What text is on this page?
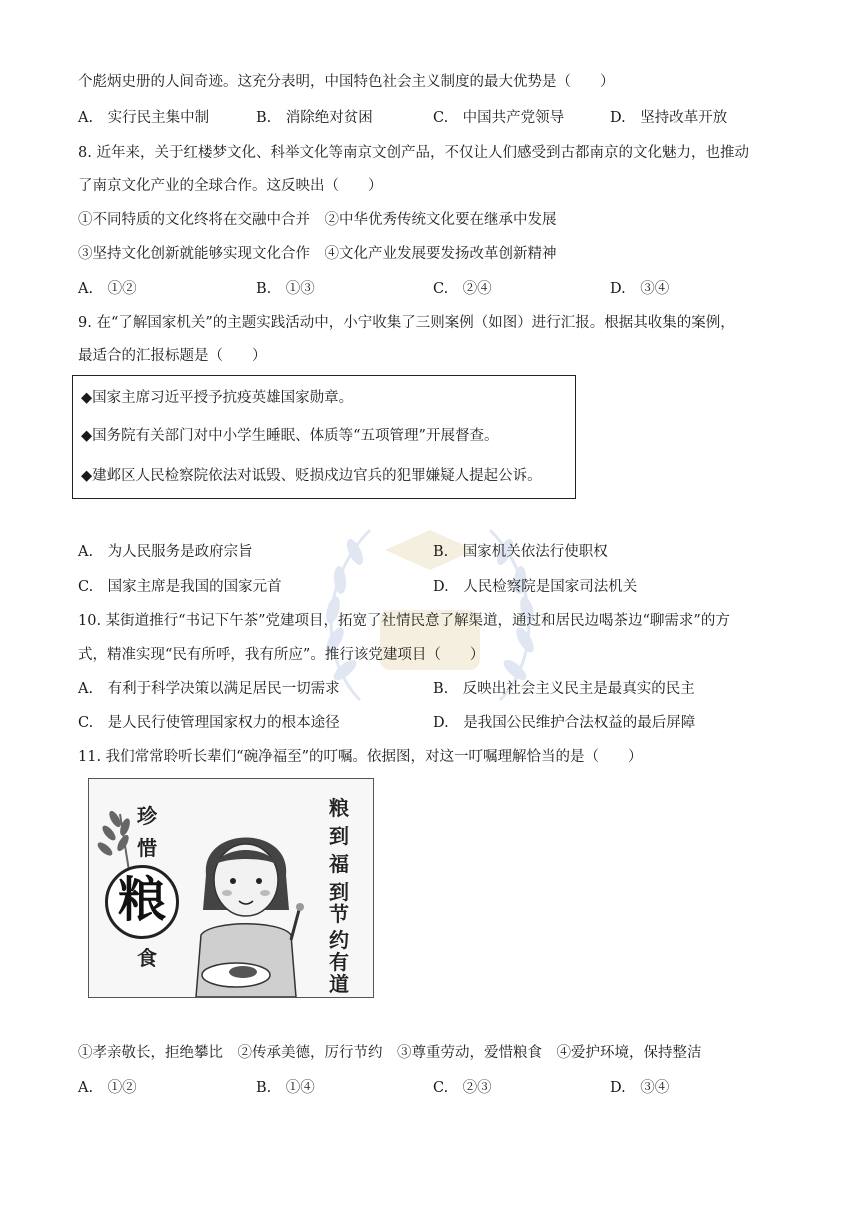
个彪炳史册的人间奇迹。这充分表明，中国特色社会主义制度的最大优势是（　　）
A.　实行民主集中制	B.　消除绝对贫困	C.　中国共产党领导	D.　坚持改革开放
8. 近年来，关于红楼梦文化、科举文化等南京文创产品，不仅让人们感受到古都南京的文化魅力，也推动
了南京文化产业的全球合作。这反映出（　　）
①不同特质的文化终将在交融中合并　②中华优秀传统文化要在继承中发展
③坚持文化创新就能够实现文化合作　④文化产业发展要发扬改革创新精神
A.　①②	B.　①③	C.　②④	D.　③④
9. 在“了解国家机关”的主题实践活动中，小宁收集了三则案例（如图）进行汇报。根据其收集的案例，
最适合的汇报标题是（　　）
◆国家主席习近平授予抗疫英雄国家勋章。
◆国务院有关部门对中小学生睡眠、体质等“五项管理”开展督查。
◆建邺区人民检察院依法对诋毁、贬损戍边官兵的犯罪嫌疑人提起公诉。
A.　为人民服务是政府宗旨	B.　国家机关依法行使职权
C.　国家主席是我国的国家元首	D.　人民检察院是国家司法机关
10. 某街道推行“书记下午茶”党建项目，拓宽了社情民意了解渠道，通过和居民边喝茶边“聊需求”的方
式，精准实现“民有所呼，我有所应”。推行该党建项目（　　）
A.　有利于科学决策以满足居民一切需求	B.　反映出社会主义民主是最真实的民主
C.　是人民行使管理国家权力的根本途径	D.　是我国公民维护合法权益的最后屏障
11. 我们常常聆听长辈们“碗净福至”的叮嘱。依据图，对这一叮嘱理解恰当的是（　　）
珍
惜
粮
食
粮
到
福
到
节
约
有
道
①孝亲敬长，拒绝攀比　②传承美德，厉行节约　③尊重劳动，爱惜粮食　④爱护环境，保持整洁
A.　①②	B.　①④	C.　②③	D.　③④
